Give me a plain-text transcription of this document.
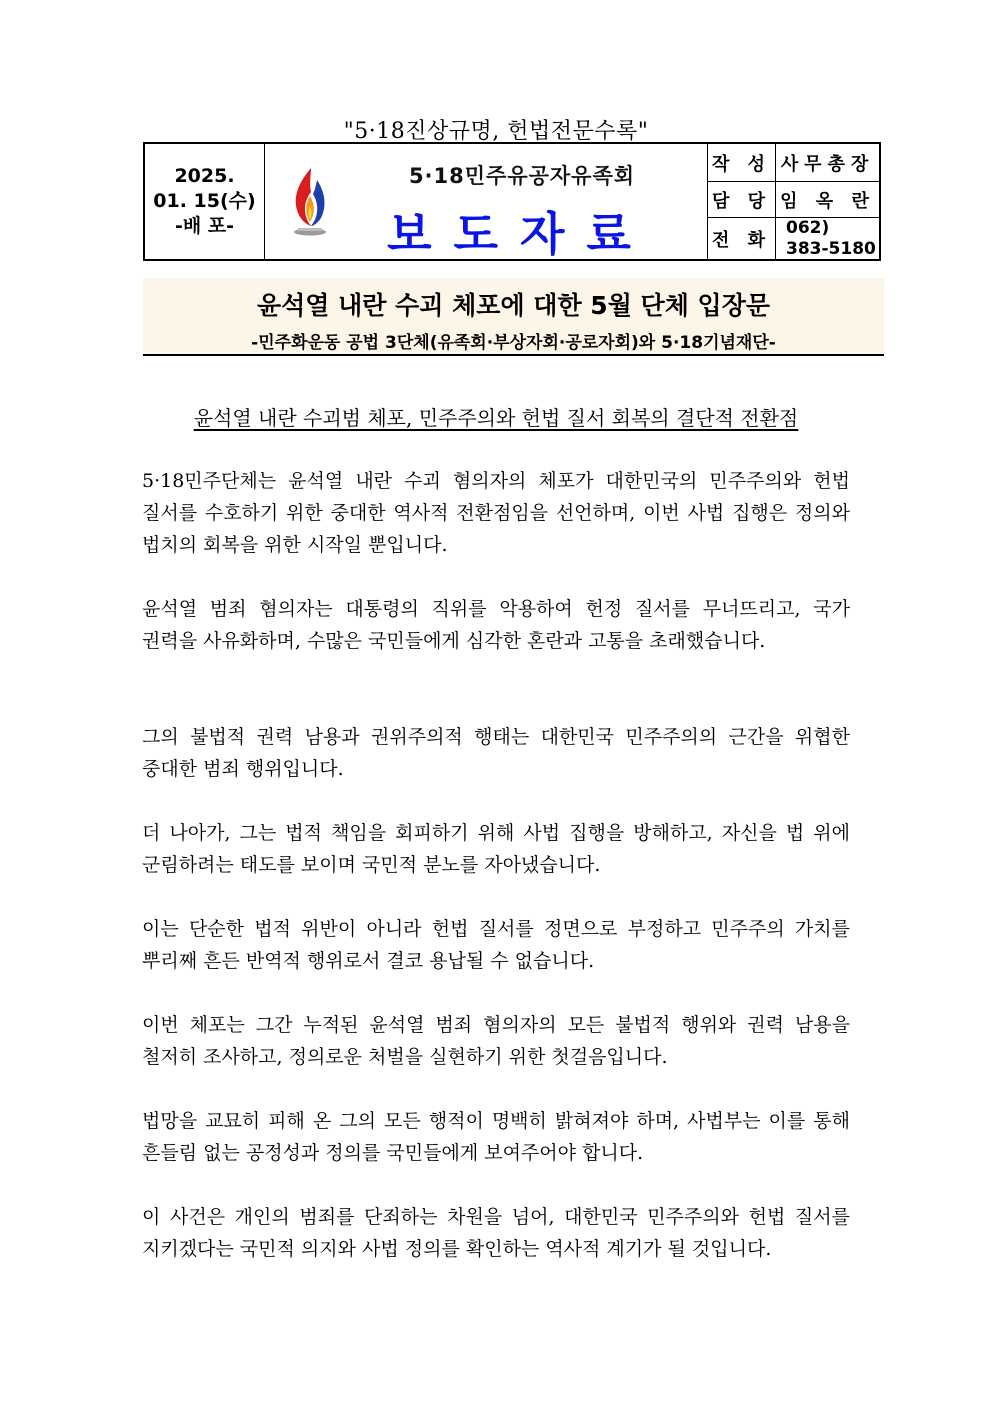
"5·18진상규명, 헌법전문수록"
2025.
01. 15(수)
-배 포-
5·18민주유공자유족회
보도자료
작 성 사무총장
담 당 임 옥 란
전 화
062)
383-5180
윤석열 내란 수괴 체포에 대한 5월 단체 입장문
-민주화운동 공법 3단체(유족회·부상자회·공로자회)와 5·18기념재단-
윤석열 내란 수괴범 체포, 민주주의와 헌법 질서 회복의 결단적 전환점
5·18민주단체는 윤석열 내란 수괴 혐의자의 체포가 대한민국의 민주주의와 헌법 질서를 수호하기 위한 중대한 역사적 전환점임을 선언하며, 이번 사법 집행은 정의와 법치의 회복을 위한 시작일 뿐입니다.
윤석열 범죄 혐의자는 대통령의 직위를 악용하여 헌정 질서를 무너뜨리고, 국가 권력을 사유화하며, 수많은 국민들에게 심각한 혼란과 고통을 초래했습니다.
그의 불법적 권력 남용과 권위주의적 행태는 대한민국 민주주의의 근간을 위협한 중대한 범죄 행위입니다.
더 나아가, 그는 법적 책임을 회피하기 위해 사법 집행을 방해하고, 자신을 법 위에 군림하려는 태도를 보이며 국민적 분노를 자아냈습니다.
이는 단순한 법적 위반이 아니라 헌법 질서를 정면으로 부정하고 민주주의 가치를 뿌리째 흔든 반역적 행위로서 결코 용납될 수 없습니다.
이번 체포는 그간 누적된 윤석열 범죄 혐의자의 모든 불법적 행위와 권력 남용을 철저히 조사하고, 정의로운 처벌을 실현하기 위한 첫걸음입니다.
법망을 교묘히 피해 온 그의 모든 행적이 명백히 밝혀져야 하며, 사법부는 이를 통해 흔들림 없는 공정성과 정의를 국민들에게 보여주어야 합니다.
이 사건은 개인의 범죄를 단죄하는 차원을 넘어, 대한민국 민주주의와 헌법 질서를 지키겠다는 국민적 의지와 사법 정의를 확인하는 역사적 계기가 될 것입니다.
